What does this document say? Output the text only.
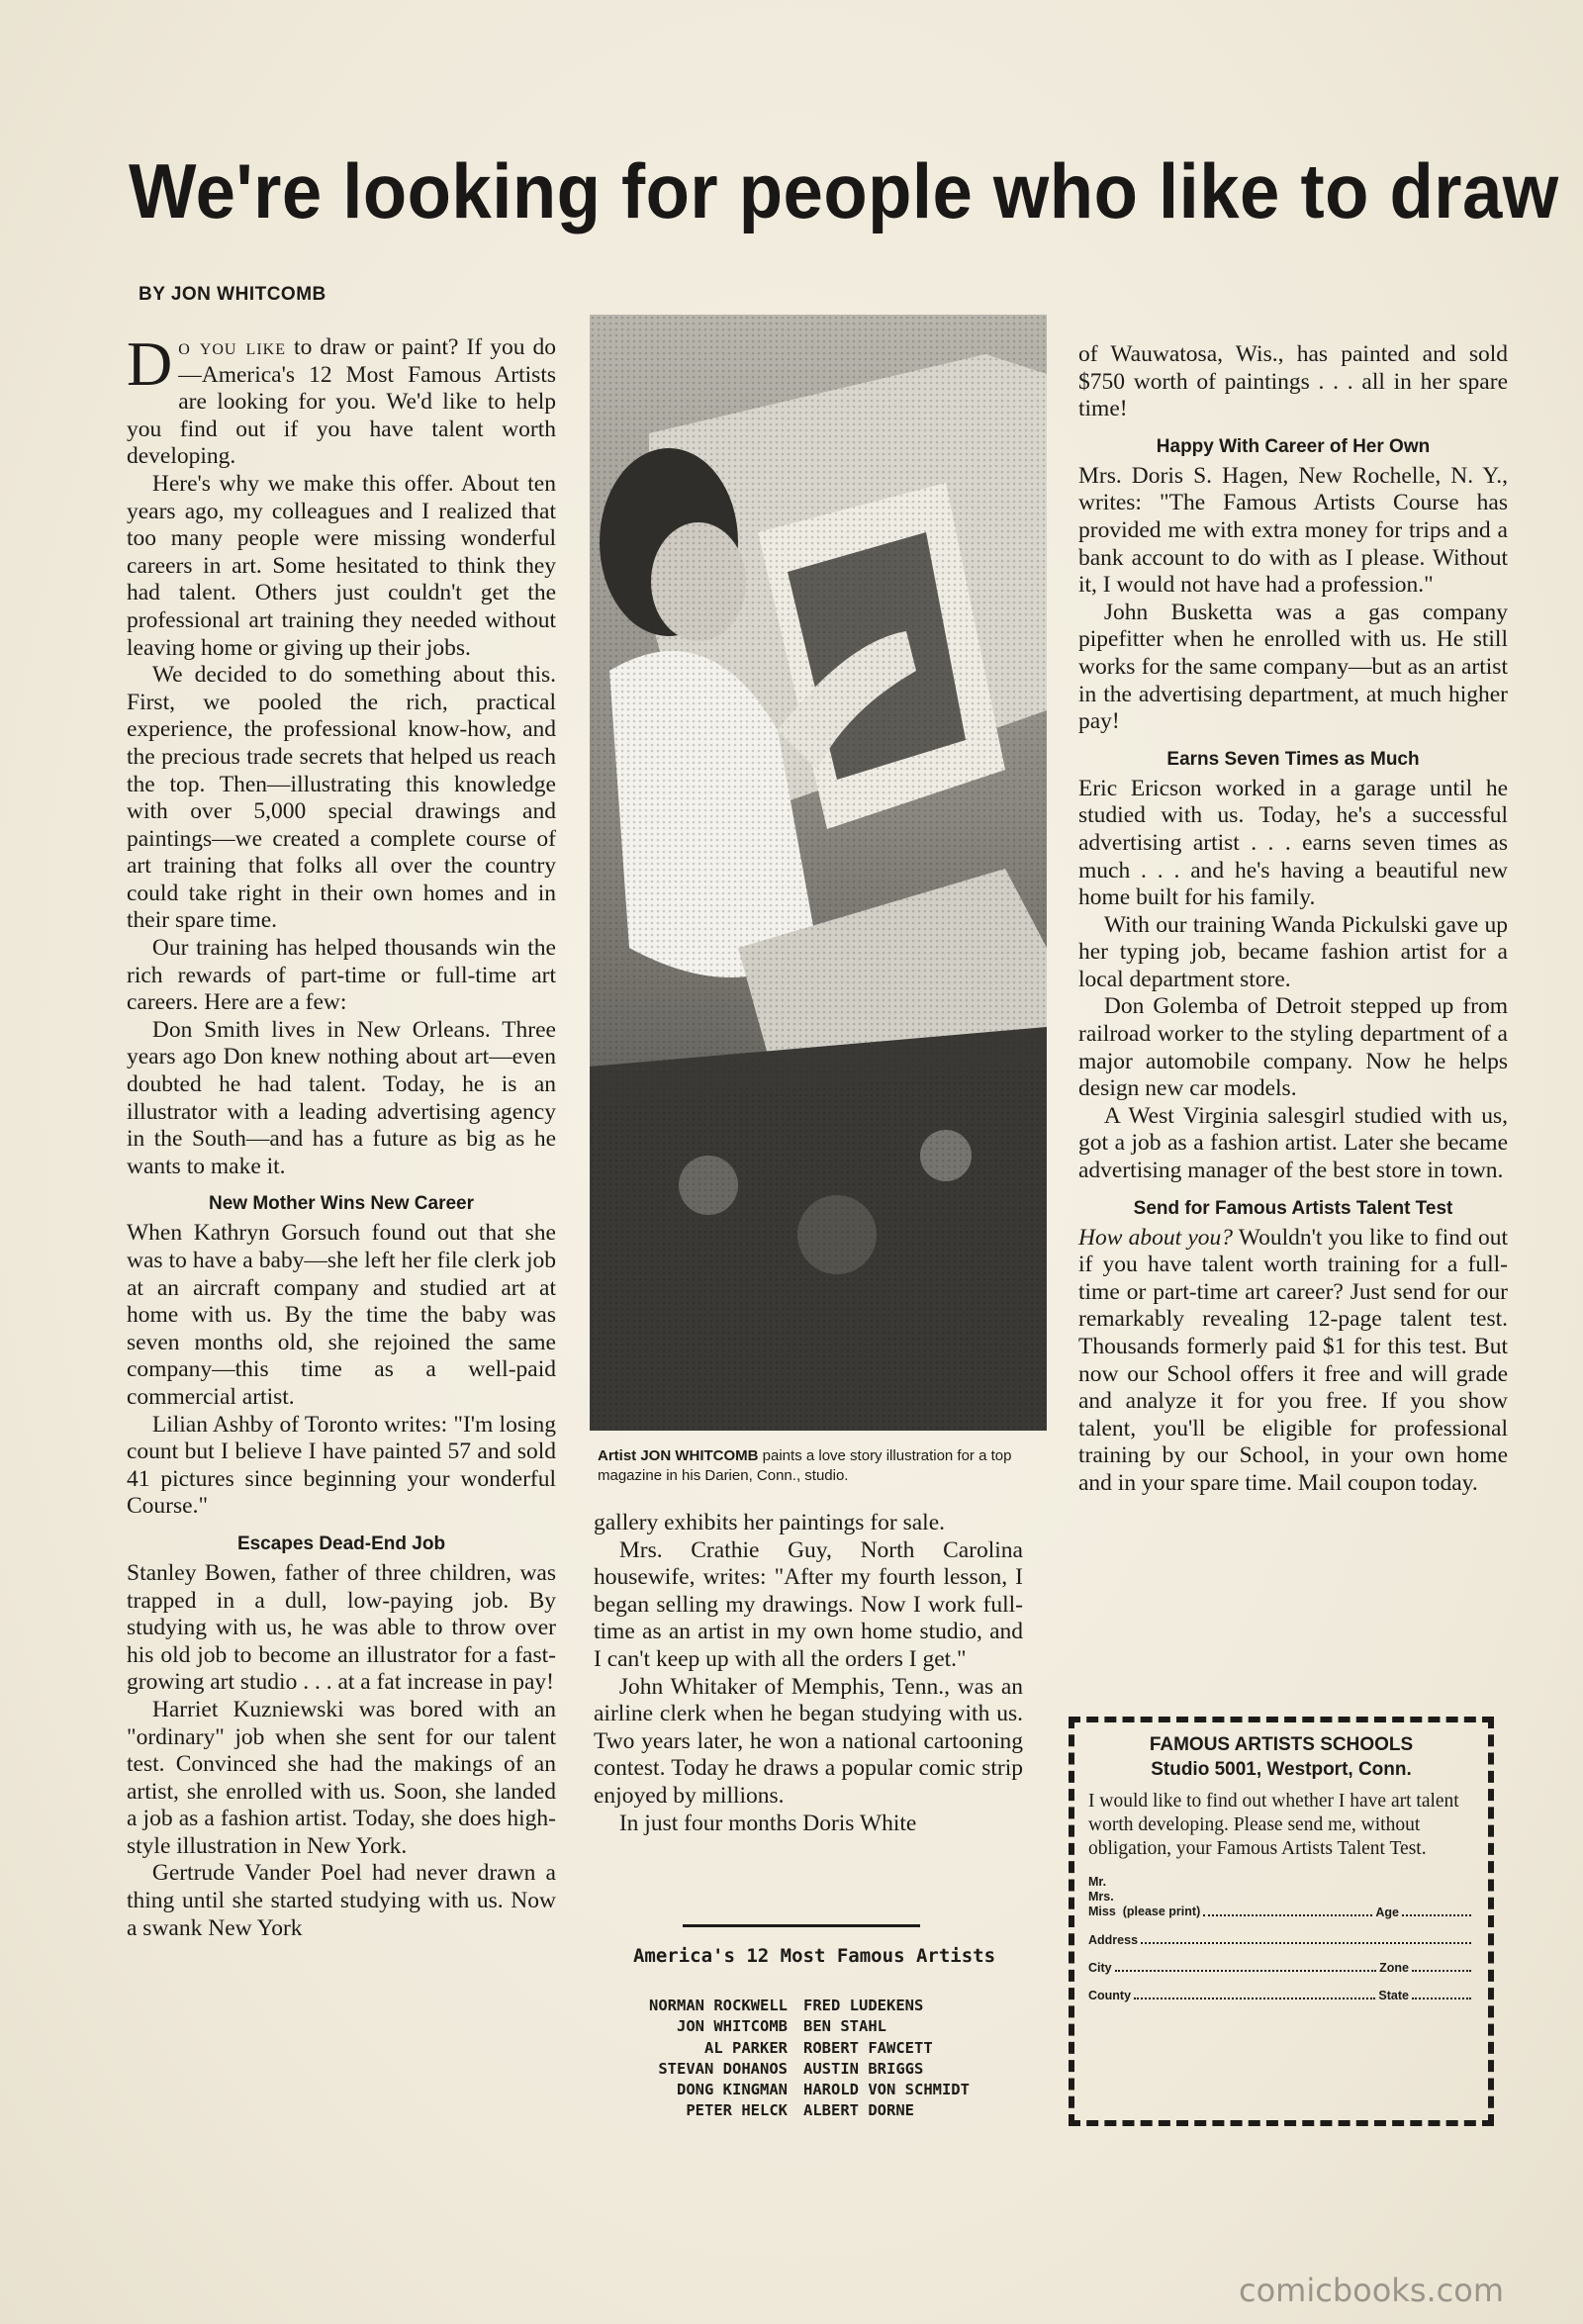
We're looking for people who like to draw

BY JON WHITCOMB

Do you like to draw or paint? If you do—America's 12 Most Famous Artists are looking for you. We'd like to help you find out if you have talent worth developing.

Here's why we make this offer. About ten years ago, my colleagues and I realized that too many people were missing wonderful careers in art. Some hesitated to think they had talent. Others just couldn't get the professional art training they needed without leaving home or giving up their jobs.

We decided to do something about this. First, we pooled the rich, practical experience, the professional know-how, and the precious trade secrets that helped us reach the top. Then—illustrating this knowledge with over 5,000 special drawings and paintings—we created a complete course of art training that folks all over the country could take right in their own homes and in their spare time.

Our training has helped thousands win the rich rewards of part-time or full-time art careers. Here are a few:

Don Smith lives in New Orleans. Three years ago Don knew nothing about art—even doubted he had talent. Today, he is an illustrator with a leading advertising agency in the South—and has a future as big as he wants to make it.

New Mother Wins New Career

When Kathryn Gorsuch found out that she was to have a baby—she left her file clerk job at an aircraft company and studied art at home with us. By the time the baby was seven months old, she rejoined the same company—this time as a well-paid commercial artist.

Lilian Ashby of Toronto writes: "I'm losing count but I believe I have painted 57 and sold 41 pictures since beginning your wonderful Course."

Escapes Dead-End Job

Stanley Bowen, father of three children, was trapped in a dull, low-paying job. By studying with us, he was able to throw over his old job to become an illustrator for a fast-growing art studio . . . at a fat increase in pay!

Harriet Kuzniewski was bored with an "ordinary" job when she sent for our talent test. Convinced she had the makings of an artist, she enrolled with us. Soon, she landed a job as a fashion artist. Today, she does high-style illustration in New York.

Gertrude Vander Poel had never drawn a thing until she started studying with us. Now a swank New York

Artist JON WHITCOMB paints a love story illustration for a top magazine in his Darien, Conn., studio.

gallery exhibits her paintings for sale.

Mrs. Crathie Guy, North Carolina housewife, writes: "After my fourth lesson, I began selling my drawings. Now I work full-time as an artist in my own home studio, and I can't keep up with all the orders I get."

John Whitaker of Memphis, Tenn., was an airline clerk when he began studying with us. Two years later, he won a national cartooning contest. Today he draws a popular comic strip enjoyed by millions.

In just four months Doris White

America's 12 Most Famous Artists

NORMAN ROCKWELL	FRED LUDEKENS
JON WHITCOMB	BEN STAHL
AL PARKER	ROBERT FAWCETT
STEVAN DOHANOS	AUSTIN BRIGGS
DONG KINGMAN	HAROLD VON SCHMIDT
PETER HELCK	ALBERT DORNE

of Wauwatosa, Wis., has painted and sold $750 worth of paintings . . . all in her spare time!

Happy With Career of Her Own

Mrs. Doris S. Hagen, New Rochelle, N. Y., writes: "The Famous Artists Course has provided me with extra money for trips and a bank account to do with as I please. Without it, I would not have had a profession."

John Busketta was a gas company pipefitter when he enrolled with us. He still works for the same company—but as an artist in the advertising department, at much higher pay!

Earns Seven Times as Much

Eric Ericson worked in a garage until he studied with us. Today, he's a successful advertising artist . . . earns seven times as much . . . and he's having a beautiful new home built for his family.

With our training Wanda Pickulski gave up her typing job, became fashion artist for a local department store.

Don Golemba of Detroit stepped up from railroad worker to the styling department of a major automobile company. Now he helps design new car models.

A West Virginia salesgirl studied with us, got a job as a fashion artist. Later she became advertising manager of the best store in town.

Send for Famous Artists Talent Test

How about you? Wouldn't you like to find out if you have talent worth training for a full-time or part-time art career? Just send for our remarkably revealing 12-page talent test. Thousands formerly paid $1 for this test. But now our School offers it free and will grade and analyze it for you free. If you show talent, you'll be eligible for professional training by our School, in your own home and in your spare time. Mail coupon today.

FAMOUS ARTISTS SCHOOLS

Studio 5001, Westport, Conn.

I would like to find out whether I have art talent worth developing. Please send me, without obligation, your Famous Artists Talent Test.

Mr.
Mrs.
Miss (please print)	Age
Address
City	Zone
County	State

comicbooks.com
